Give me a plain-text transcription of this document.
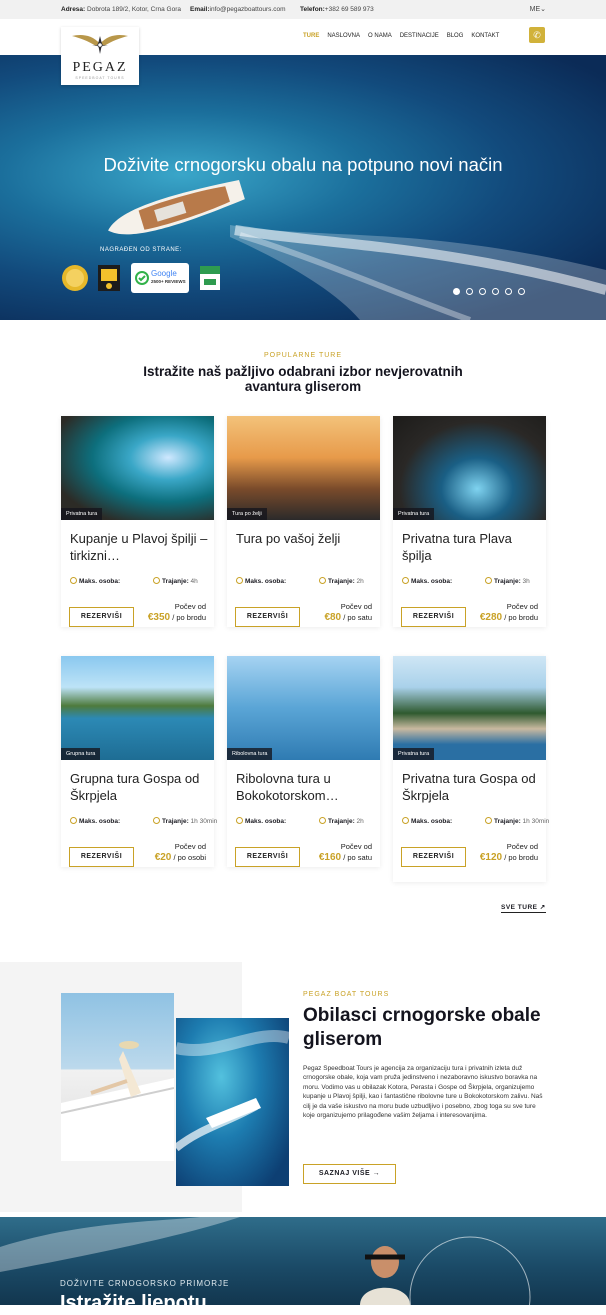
Adresa: Dobrota 189/2, Kotor, Crna Gora Email:info@pegazboattours.com Telefon:+382 69 589 973	ME⌄
PEGAZ
SPEEDBOAT TOURS
TURE NASLOVNA O NAMA DESTINACIJE BLOG KONTAKT	✆
Doživite crnogorsku obalu na potpuno novi način
NAGRAĐEN OD STRANE:
Google
2500+ REVIEWS
POPULARNE TURE
Istražite naš pažljivo odabrani izbor nevjerovatnih avantura gliserom
Privatna tura
Kupanje u Plavoj špilji – tirkizni…
Maks. osoba:	Trajanje: 4h
REZERVIŠI
Počev od
€350 / po brodu
Tura po želji
Tura po vašoj želji
Maks. osoba:	Trajanje: 2h
REZERVIŠI
Počev od
€80 / po satu
Privatna tura
Privatna tura Plava špilja
Maks. osoba:	Trajanje: 3h
REZERVIŠI
Počev od
€280 / po brodu
Grupna tura
Grupna tura Gospa od Škrpjela
Maks. osoba:	Trajanje: 1h 30min
REZERVIŠI
Počev od
€20 / po osobi
Ribolovna tura
Ribolovna tura u Bokokotorskom…
Maks. osoba:	Trajanje: 2h
REZERVIŠI
Počev od
€160 / po satu
Privatna tura
Privatna tura Gospa od Škrpjela
Maks. osoba:	Trajanje: 1h 30min
REZERVIŠI
Počev od
€120 / po brodu
SVE TURE ↗
PEGAZ BOAT TOURS
Obilasci crnogorske obale gliserom
Pegaz Speedboat Tours je agencija za organizaciju tura i privatnih izleta duž crnogorske obale, koja vam pruža jedinstveno i nezaboravno iskustvo boravka na moru. Vodimo vas u obilazak Kotora, Perasta i Gospe od Škrpjela, organizujemo kupanje u Plavoj špilji, kao i fantastične ribolovne ture u Bokokotorskom zalivu. Naš cilj je da vaše iskustvo na moru bude uzbudljivo i posebno, zbog toga su sve ture koje organizujemo prilagođene vašim željama i interesovanjima.
SAZNAJ VIŠE →
DOŽIVITE CRNOGORSKO PRIMORJE
Istražite ljepotu
